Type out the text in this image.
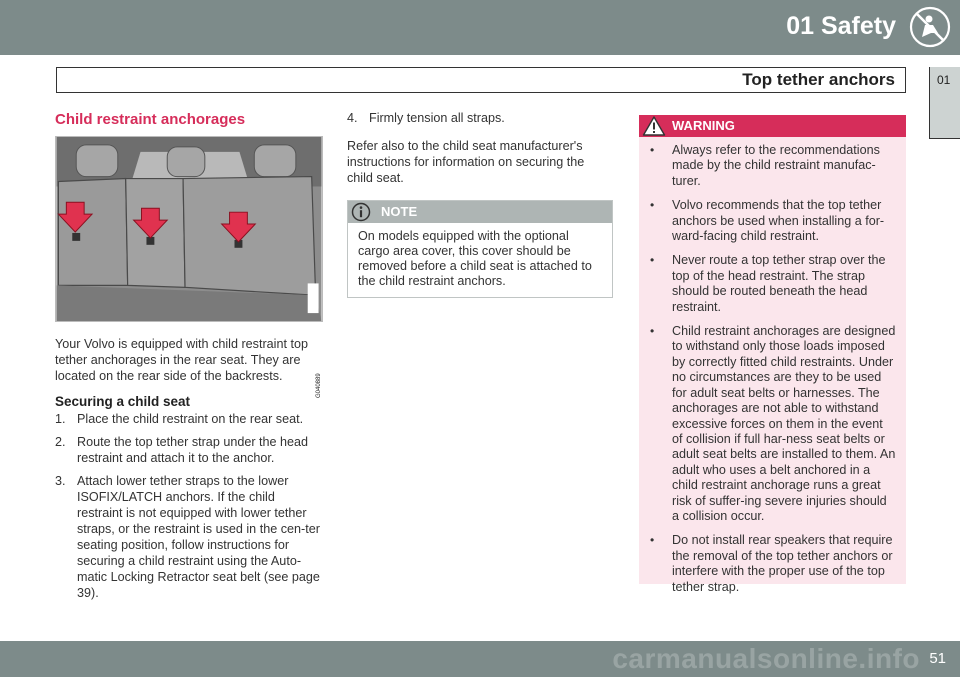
01 Safety
Top tether anchors	01
Child restraint anchorages
G040889
Your Volvo is equipped with child restraint top tether anchorages in the rear seat. They are located on the rear side of the backrests.
Securing a child seat
1. Place the child restraint on the rear seat.
2. Route the top tether strap under the head restraint and attach it to the anchor.
3. Attach lower tether straps to the lower ISOFIX/LATCH anchors. If the child restraint is not equipped with lower tether straps, or the restraint is used in the cen-ter seating position, follow instructions for securing a child restraint using the Auto-matic Locking Retractor seat belt (see page 39).
4. Firmly tension all straps.
Refer also to the child seat manufacturer's instructions for information on securing the child seat.
NOTE
On models equipped with the optional cargo area cover, this cover should be removed before a child seat is attached to the child restraint anchors.
WARNING
• Always refer to the recommendations made by the child restraint manufac-turer.
• Volvo recommends that the top tether anchors be used when installing a for-ward-facing child restraint.
• Never route a top tether strap over the top of the head restraint. The strap should be routed beneath the head restraint.
• Child restraint anchorages are designed to withstand only those loads imposed by correctly fitted child restraints. Under no circumstances are they to be used for adult seat belts or harnesses. The anchorages are not able to withstand excessive forces on them in the event of collision if full har-ness seat belts or adult seat belts are installed to them. An adult who uses a belt anchored in a child restraint anchorage runs a great risk of suffer-ing severe injuries should a collision occur.
• Do not install rear speakers that require the removal of the top tether anchors or interfere with the proper use of the top tether strap.
carmanualsonline.info 51
